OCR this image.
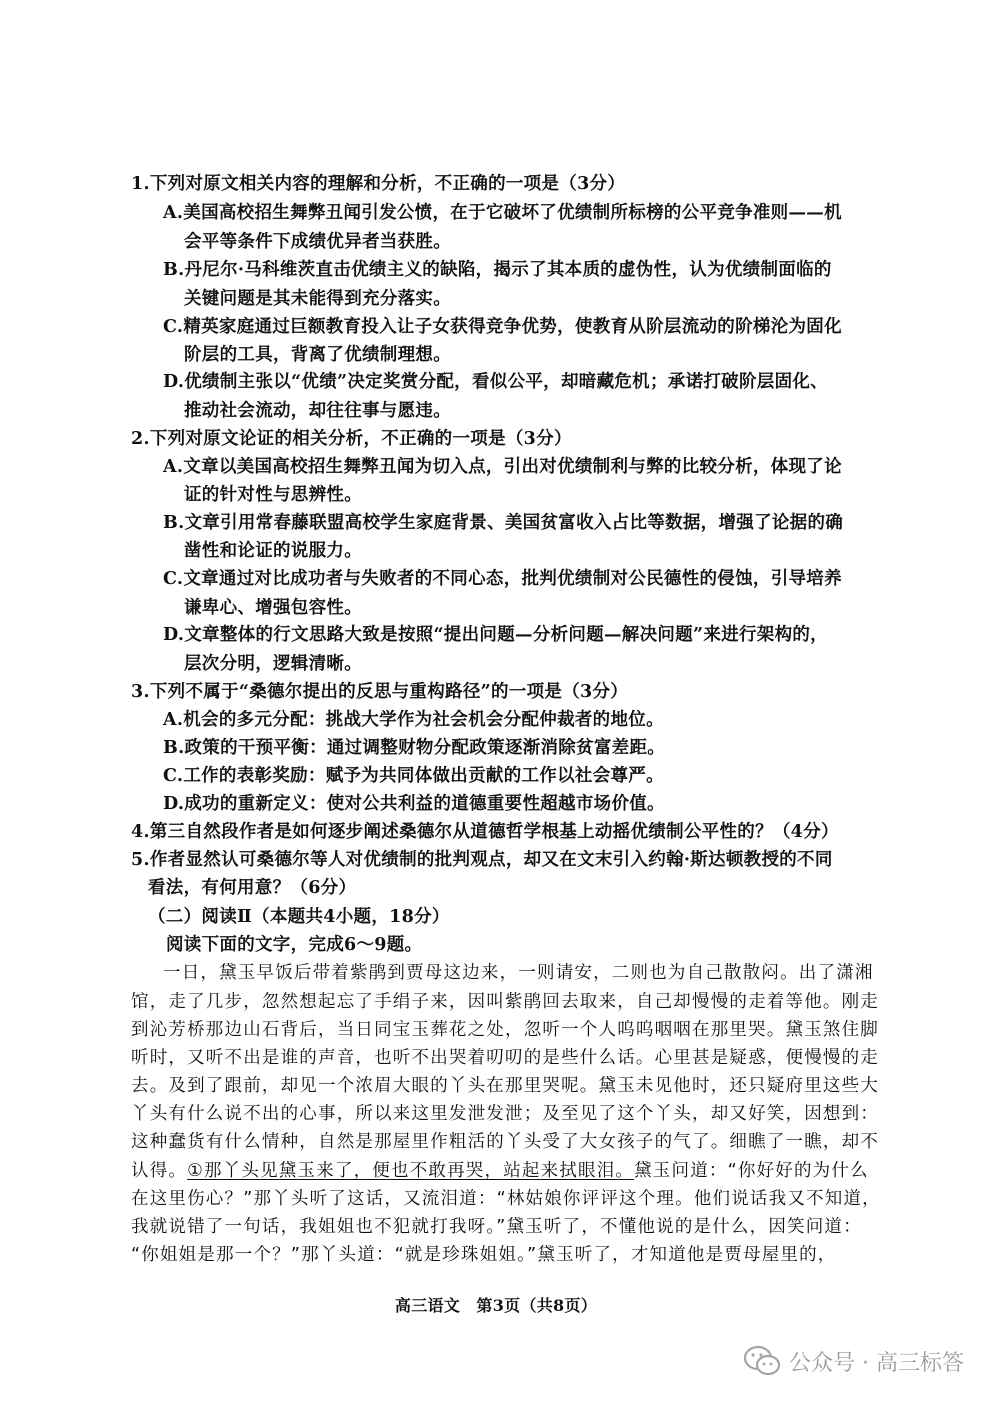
1.下列对原文相关内容的理解和分析，不正确的一项是（3分）
A.美国高校招生舞弊丑闻引发公愤，在于它破坏了优绩制所标榜的公平竞争准则——机
会平等条件下成绩优异者当获胜。
B.丹尼尔·马科维茨直击优绩主义的缺陷，揭示了其本质的虚伪性，认为优绩制面临的
关键问题是其未能得到充分落实。
C.精英家庭通过巨额教育投入让子女获得竞争优势，使教育从阶层流动的阶梯沦为固化
阶层的工具，背离了优绩制理想。
D.优绩制主张以“优绩”决定奖赏分配，看似公平，却暗藏危机；承诺打破阶层固化、
推动社会流动，却往往事与愿违。
2.下列对原文论证的相关分析，不正确的一项是（3分）
A.文章以美国高校招生舞弊丑闻为切入点，引出对优绩制利与弊的比较分析，体现了论
证的针对性与思辨性。
B.文章引用常春藤联盟高校学生家庭背景、美国贫富收入占比等数据，增强了论据的确
凿性和论证的说服力。
C.文章通过对比成功者与失败者的不同心态，批判优绩制对公民德性的侵蚀，引导培养
谦卑心、增强包容性。
D.文章整体的行文思路大致是按照“提出问题—分析问题—解决问题”来进行架构的，
层次分明，逻辑清晰。
3.下列不属于“桑德尔提出的反思与重构路径”的一项是（3分）
A.机会的多元分配：挑战大学作为社会机会分配仲裁者的地位。
B.政策的干预平衡：通过调整财物分配政策逐渐消除贫富差距。
C.工作的表彰奖励：赋予为共同体做出贡献的工作以社会尊严。
D.成功的重新定义：使对公共利益的道德重要性超越市场价值。
4.第三自然段作者是如何逐步阐述桑德尔从道德哲学根基上动摇优绩制公平性的？（4分）
5.作者显然认可桑德尔等人对优绩制的批判观点，却又在文末引入约翰·斯达顿教授的不同
看法，有何用意？（6分）
（二）阅读Ⅱ（本题共4小题，18分）
阅读下面的文字，完成6～9题。
一日，黛玉早饭后带着紫鹃到贾母这边来，一则请安，二则也为自己散散闷。出了潇湘
馆，走了几步，忽然想起忘了手绢子来，因叫紫鹃回去取来，自己却慢慢的走着等他。刚走
到沁芳桥那边山石背后，当日同宝玉葬花之处，忽听一个人呜呜咽咽在那里哭。黛玉煞住脚
听时，又听不出是谁的声音，也听不出哭着叨叨的是些什么话。心里甚是疑惑，便慢慢的走
去。及到了跟前，却见一个浓眉大眼的丫头在那里哭呢。黛玉未见他时，还只疑府里这些大
丫头有什么说不出的心事，所以来这里发泄发泄；及至见了这个丫头，却又好笑，因想到：
这种蠢货有什么情种，自然是那屋里作粗活的丫头受了大女孩子的气了。细瞧了一瞧，却不
认得。①那丫头见黛玉来了，便也不敢再哭，站起来拭眼泪。黛玉问道：“你好好的为什么
在这里伤心？”那丫头听了这话，又流泪道：“林姑娘你评评这个理。他们说话我又不知道，
我就说错了一句话，我姐姐也不犯就打我呀。”黛玉听了，不懂他说的是什么，因笑问道：
“你姐姐是那一个？”那丫头道：“就是珍珠姐姐。”黛玉听了，才知道他是贾母屋里的，
高三语文　第3页（共8页）
公众号 · 高三标答
